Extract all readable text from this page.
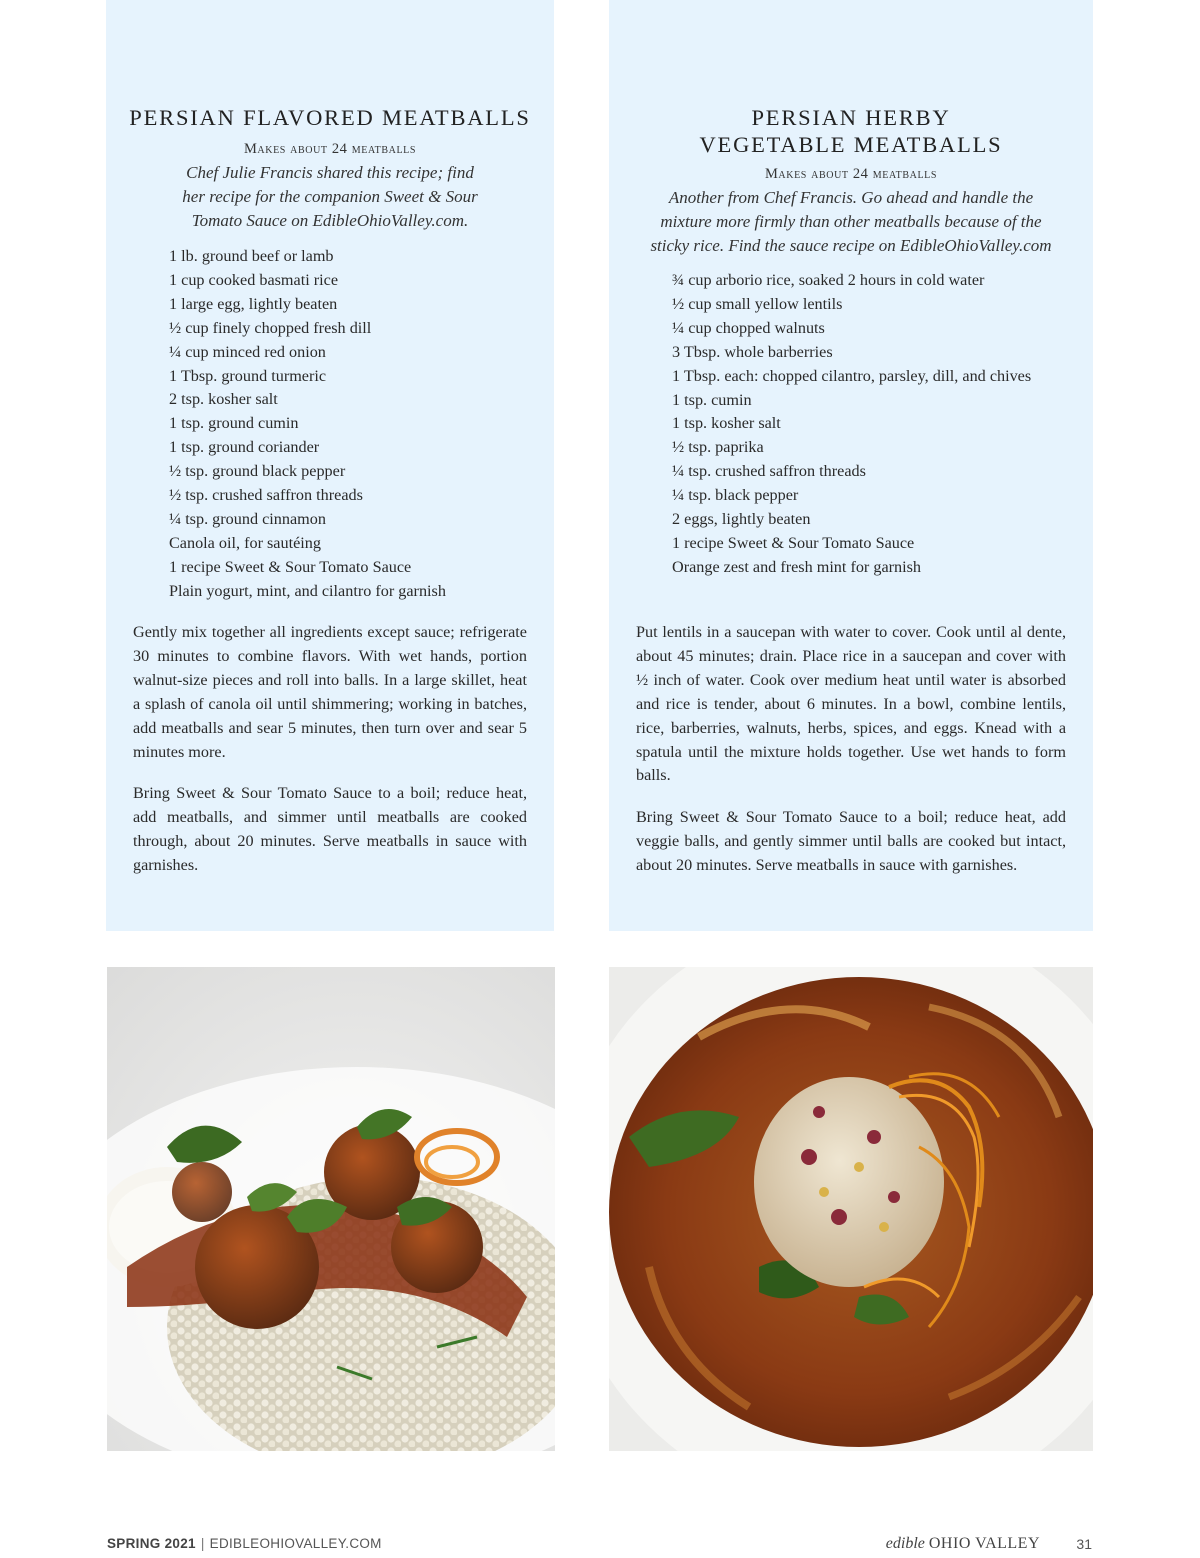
PERSIAN FLAVORED MEATBALLS
Makes about 24 meatballs
Chef Julie Francis shared this recipe; find
her recipe for the companion Sweet & Sour
Tomato Sauce on EdibleOhioValley.com.
1 lb. ground beef or lamb
1 cup cooked basmati rice
1 large egg, lightly beaten
½ cup finely chopped fresh dill
¼ cup minced red onion
1 Tbsp. ground turmeric
2 tsp. kosher salt
1 tsp. ground cumin
1 tsp. ground coriander
½ tsp. ground black pepper
½ tsp. crushed saffron threads
¼ tsp. ground cinnamon
Canola oil, for sautéing
1 recipe Sweet & Sour Tomato Sauce
Plain yogurt, mint, and cilantro for garnish

Gently mix together all ingredients except sauce; refrigerate 30 minutes to combine flavors. With wet hands, portion walnut-size pieces and roll into balls. In a large skillet, heat a splash of canola oil until shimmering; working in batches, add meatballs and sear 5 minutes, then turn over and sear 5 minutes more.

Bring Sweet & Sour Tomato Sauce to a boil; reduce heat, add meatballs, and simmer until meatballs are cooked through, about 20 minutes. Serve meatballs in sauce with garnishes.

PERSIAN HERBY
VEGETABLE MEATBALLS
Makes about 24 meatballs
Another from Chef Francis. Go ahead and handle the
mixture more firmly than other meatballs because of the
sticky rice. Find the sauce recipe on EdibleOhioValley.com
¾ cup arborio rice, soaked 2 hours in cold water
½ cup small yellow lentils
¼ cup chopped walnuts
3 Tbsp. whole barberries
1 Tbsp. each: chopped cilantro, parsley, dill, and chives
1 tsp. cumin
1 tsp. kosher salt
½ tsp. paprika
¼ tsp. crushed saffron threads
¼ tsp. black pepper
2 eggs, lightly beaten
1 recipe Sweet & Sour Tomato Sauce
Orange zest and fresh mint for garnish

Put lentils in a saucepan with water to cover. Cook until al dente, about 45 minutes; drain. Place rice in a saucepan and cover with ½ inch of water. Cook over medium heat until water is absorbed and rice is tender, about 6 minutes. In a bowl, combine lentils, rice, barberries, walnuts, herbs, spices, and eggs. Knead with a spatula until the mixture holds together. Use wet hands to form balls.

Bring Sweet & Sour Tomato Sauce to a boil; reduce heat, add veggie balls, and gently simmer until balls are cooked but intact, about 20 minutes. Serve meatballs in sauce with garnishes.

SPRING 2021 | EDIBLEOHIOVALLEY.COM	edible OHIO VALLEY	31
